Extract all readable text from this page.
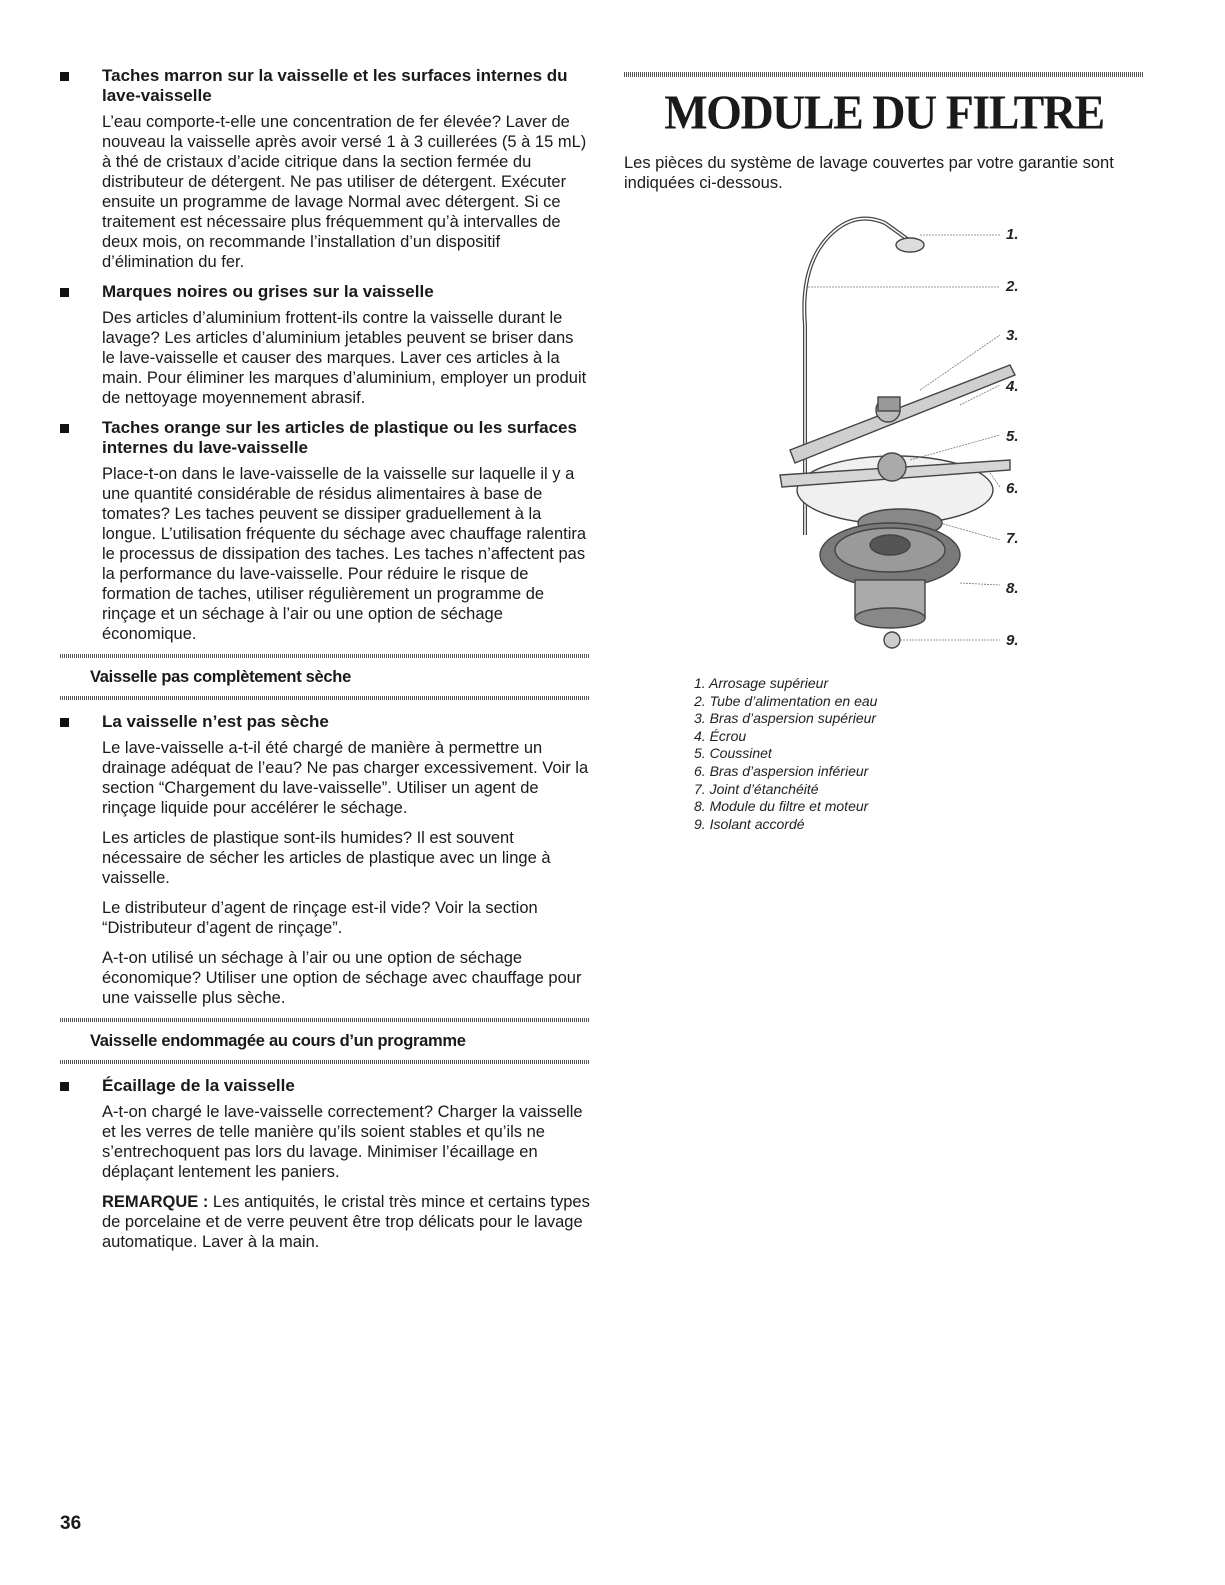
Taches marron sur la vaisselle et les surfaces internes du lave-vaisselle

L’eau comporte-t-elle une concentration de fer élevée? Laver de nouveau la vaisselle après avoir versé 1 à 3 cuillerées (5 à 15 mL) à thé de cristaux d’acide citrique dans la section fermée du distributeur de détergent. Ne pas utiliser de détergent. Exécuter ensuite un programme de lavage Normal avec détergent. Si ce traitement est nécessaire plus fréquemment qu’à intervalles de deux mois, on recommande l’installation d’un dispositif d’élimination du fer.

Marques noires ou grises sur la vaisselle

Des articles d’aluminium frottent-ils contre la vaisselle durant le lavage? Les articles d’aluminium jetables peuvent se briser dans le lave-vaisselle et causer des marques. Laver ces articles à la main. Pour éliminer les marques d’aluminium, employer un produit de nettoyage moyennement abrasif.

Taches orange sur les articles de plastique ou les surfaces internes du lave-vaisselle

Place-t-on dans le lave-vaisselle de la vaisselle sur laquelle il y a une quantité considérable de résidus alimentaires à base de tomates? Les taches peuvent se dissiper graduellement à la longue. L’utilisation fréquente du séchage avec chauffage ralentira le processus de dissipation des taches. Les taches n’affectent pas la performance du lave-vaisselle. Pour réduire le risque de formation de taches, utiliser régulièrement un programme de rinçage et un séchage à l’air ou une option de séchage économique.

Vaisselle pas complètement sèche

La vaisselle n’est pas sèche

Le lave-vaisselle a-t-il été chargé de manière à permettre un drainage adéquat de l’eau? Ne pas charger excessivement. Voir la section “Chargement du lave-vaisselle”. Utiliser un agent de rinçage liquide pour accélérer le séchage.

Les articles de plastique sont-ils humides? Il est souvent nécessaire de sécher les articles de plastique avec un linge à vaisselle.

Le distributeur d’agent de rinçage est-il vide? Voir la section “Distributeur d’agent de rinçage”.

A-t-on utilisé un séchage à l’air ou une option de séchage économique? Utiliser une option de séchage avec chauffage pour une vaisselle plus sèche.

Vaisselle endommagée au cours d’un programme

Écaillage de la vaisselle

A-t-on chargé le lave-vaisselle correctement? Charger la vaisselle et les verres de telle manière qu’ils soient stables et qu’ils ne s’entrechoquent pas lors du lavage. Minimiser l’écaillage en déplaçant lentement les paniers.

REMARQUE : Les antiquités, le cristal très mince et certains types de porcelaine et de verre peuvent être trop délicats pour le lavage automatique. Laver à la main.

MODULE DU FILTRE

Les pièces du système de lavage couvertes par votre garantie sont indiquées ci-dessous.

1.
2.
3.
4.
5.
6.
7.
8.
9.
1. Arrosage supérieur
2. Tube d’alimentation en eau
3. Bras d’aspersion supérieur
4. Écrou
5. Coussinet
6. Bras d’aspersion inférieur
7. Joint d’étanchéité
8. Module du filtre et moteur
9. Isolant accordé
36
